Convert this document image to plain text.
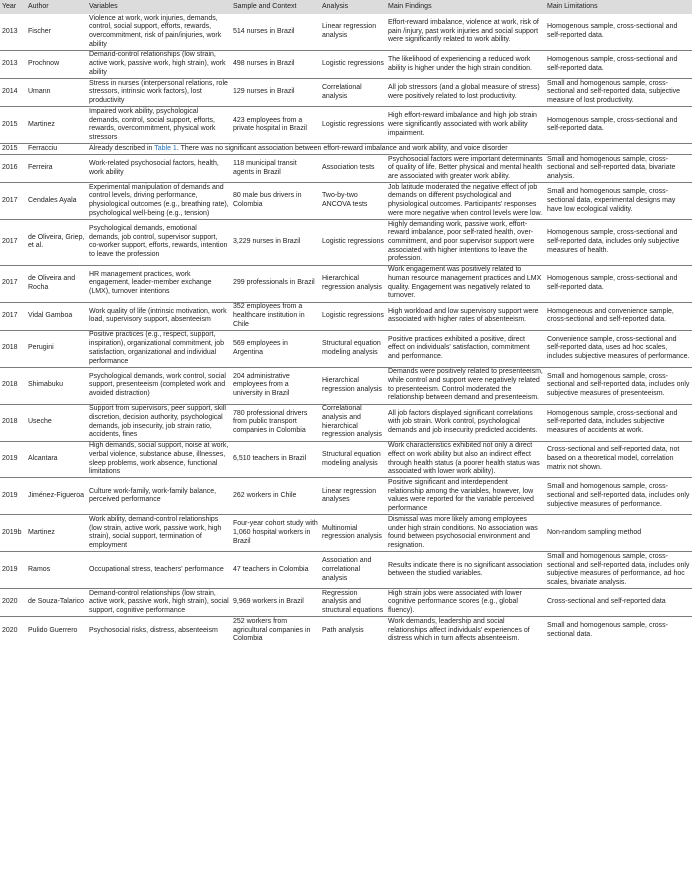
Year	Author	Variables	Sample and Context	Analysis	Main Findings	Main Limitations
2013	Fischer	Violence at work, work injuries, demands, control, social support, efforts, rewards, overcommitment, risk of pain/injuries, work ability	514 nurses in Brazil	Linear regression analysis	Effort-reward imbalance, violence at work, risk of pain /injury, past work injuries and social support were significantly related to work ability.	Homogenous sample, cross-sectional and self-reported data.
2013	Prochnow	Demand-control relationships (low strain, active work, passive work, high strain), work ability	498 nurses in Brazil	Logistic regressions	The likelihood of experiencing a reduced work ability is higher under the high strain condition.	Homogenous sample, cross-sectional and self-reported data.
2014	Umann	Stress in nurses (interpersonal relations, role stressors, intrinsic work factors), lost productivity	129 nurses in Brazil	Correlational analysis	All job stressors (and a global measure of stress) were positively related to lost productivity.	Small and homogenous sample, cross-sectional and self-reported data, subjective measure of lost productivity.
2015	Martinez	Impaired work ability, psychological demands, control, social support, efforts, rewards, overcommitment, physical work stressors	423 employees from a private hospital in Brazil	Logistic regressions	High effort-reward imbalance and high job strain were significantly associated with work ability impairment.	Homogenous sample, cross-sectional and self-reported data.
2015	Ferracciu	Already described in Table 1. There was no significant association between effort-reward imbalance and work ability, and voice disorder				
2016	Ferreira	Work-related psychosocial factors, health, work ability	118 municipal transit agents in Brazil	Association tests	Psychosocial factors were important determinants of quality of life. Better physical and mental health are associated with greater work ability.	Small and homogenous sample, cross-sectional and self-reported data, bivariate analysis.
2017	Cendales Ayala	Experimental manipulation of demands and control levels, driving performance, physiological outcomes (e.g., breathing rate), psychological well-being (e.g., tension)	80 male bus drivers in Colombia	Two-by-two ANCOVA tests	Job latitude moderated the negative effect of job demands on different psychological and physiological outcomes. Participants' responses were more negative when control levels were low.	Small and homogenous sample, cross-sectional data, experimental designs may have low ecological validity.
2017	de Oliveira, Griep, et al.	Psychological demands, emotional demands, job control, supervisor support, co-worker support, efforts, rewards, intention to leave the profession	3,229 nurses in Brazil	Logistic regressions	Highly demanding work, passive work, effort-reward imbalance, poor self-rated health, over-commitment, and poor supervisor support were associated with higher intentions to leave the profession.	Homogenous sample, cross-sectional and self-reported data, includes only subjective measures of health.
2017	de Oliveira and Rocha	HR management practices, work engagement, leader-member exchange (LMX), turnover intentions	299 professionals in Brazil	Hierarchical regression analysis	Work engagement was positively related to human resource management practices and LMX quality. Engagement was negatively related to turnover.	Homogenous sample, cross-sectional and self-reported data.
2017	Vidal Gamboa	Work quality of life (intrinsic motivation, work load, supervisory support, absenteeism	352 employees from a healthcare institution in Chile	Logistic regressions	High workload and low supervisory support were associated with higher rates of absenteeism.	Homogeneous and convenience sample, cross-sectional and self-reported data.
2018	Perugini	Positive practices (e.g., respect, support, inspiration), organizational commitment, job satisfaction, organizational and individual performance	569 employees in Argentina	Structural equation modeling analysis	Positive practices exhibited a positive, direct effect on individuals' satisfaction, commitment and performance.	Convenience sample, cross-sectional and self-reported data, uses ad hoc scales, includes subjective measures of performance.
2018	Shimabuku	Psychological demands, work control, social support, presenteeism (completed work and avoided distraction)	204 administrative employees from a university in Brazil	Hierarchical regression analysis	Demands were positively related to presenteeism, while control and support were negatively related to presenteeism. Control moderated the relationship between demand and presenteeism.	Small and homogenous sample, cross-sectional and self-reported data, includes only subjective measures of presenteeism.
2018	Useche	Support from supervisors, peer support, skill discretion, decision authority, psychological demands, job insecurity, job strain ratio, accidents, fines	780 professional drivers from public transport companies in Colombia	Correlational analysis and hierarchical regression analysis	All job factors displayed significant correlations with job strain. Work control, psychological demands and job insecurity predicted accidents.	Homogenous sample, cross-sectional and self-reported data, includes subjective measures of accidents at work.
2019	Alcantara	High demands, social support, noise at work, verbal violence, substance abuse, illnesses, sleep problems, work absence, functional limitations	6,510 teachers in Brazil	Structural equation modeling analysis	Work characteristics exhibited not only a direct effect on work ability but also an indirect effect through health status (a poorer health status was associated with lower work ability).	Cross-sectional and self-reported data, not based on a theoretical model, correlation matrix not shown.
2019	Jiménez-Figueroa	Culture work-family, work-family balance, perceived performance	262 workers in Chile	Linear regression analyses	Positive significant and interdependent relationship among the variables, however, low values were reported for the variable perceived performance	Small and homogenous sample, cross-sectional and self-reported data, includes only subjective measures of performance.
2019b	Martinez	Work ability, demand-control relationships (low strain, active work, passive work, high strain), social support, termination of employment	Four-year cohort study with 1,060 hospital workers in Brazil	Multinomial regression analysis	Dismissal was more likely among employees under high strain conditions. No association was found between psychosocial environment and resignation.	Non-random sampling method
2019	Ramos	Occupational stress, teachers' performance	47 teachers in Colombia	Association and correlational analysis	Results indicate there is no significant association between the studied variables.	Small and homogenous sample, cross-sectional and self-reported data, includes only subjective measures of performance, ad hoc scales, bivariate analysis.
2020	de Souza-Talarico	Demand-control relationships (low strain, active work, passive work, high strain), social support, cognitive performance	9,969 workers in Brazil	Regression analysis and structural equations	High strain jobs were associated with lower cognitive performance scores (e.g., global fluency).	Cross-sectional and self-reported data
2020	Pulido Guerrero	Psychosocial risks, distress, absenteeism	252 workers from agricultural companies in Colombia	Path analysis	Work demands, leadership and social relationships affect individuals' experiences of distress which in turn affects absenteeism.	Small and homogenous sample, cross-sectional data.
